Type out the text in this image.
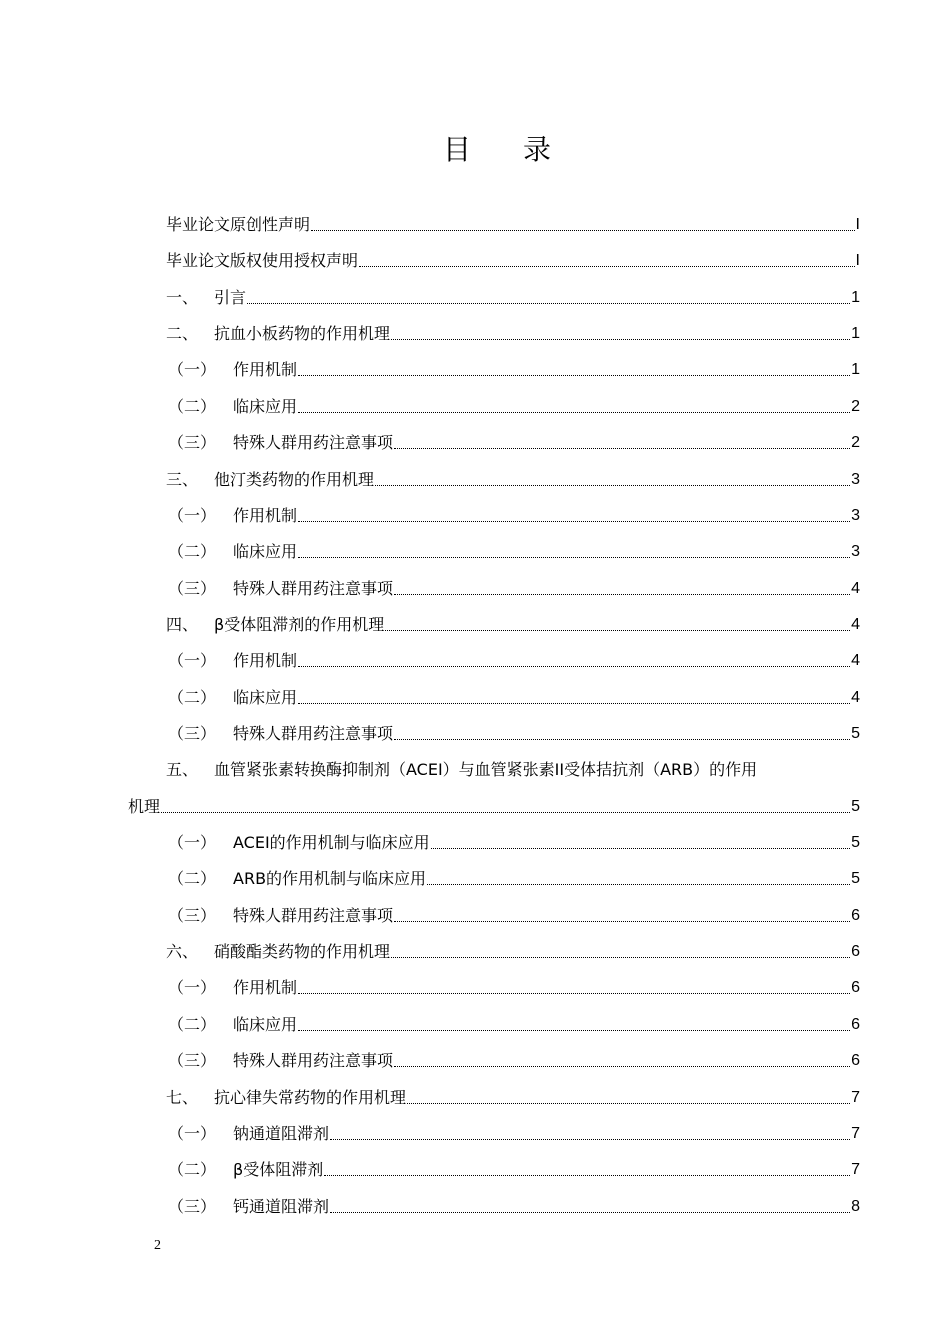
目录
毕业论文原创性声明	I
毕业论文版权使用授权声明	I
一、 引言	1
二、 抗血小板药物的作用机理	1
（一）	作用机制	1
（二）	临床应用	2
（三）	特殊人群用药注意事项	2
三、 他汀类药物的作用机理	3
（一）	作用机制	3
（二）	临床应用	3
（三）	特殊人群用药注意事项	4
四、 β受体阻滞剂的作用机理	4
（一）	作用机制	4
（二）	临床应用	4
（三）	特殊人群用药注意事项	5
五、 血管紧张素转换酶抑制剂（ACEI）与血管紧张素II受体拮抗剂（ARB）的作用
机理	5
（一）	ACEI的作用机制与临床应用	5
（二）	ARB的作用机制与临床应用	5
（三）	特殊人群用药注意事项	6
六、 硝酸酯类药物的作用机理	6
（一）	作用机制	6
（二）	临床应用	6
（三）	特殊人群用药注意事项	6
七、 抗心律失常药物的作用机理	7
（一）	钠通道阻滞剂	7
（二）	β受体阻滞剂	7
（三）	钙通道阻滞剂	8
2
